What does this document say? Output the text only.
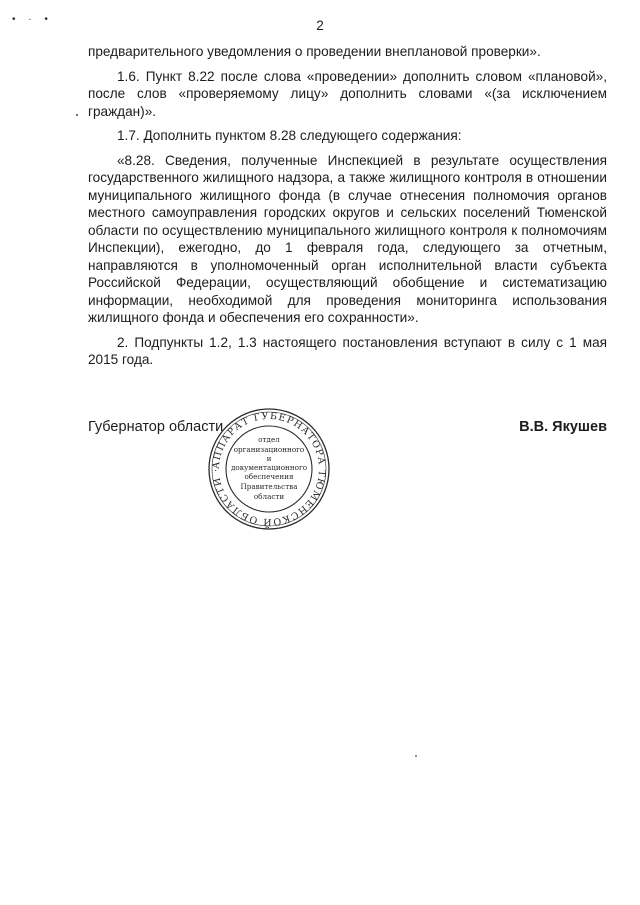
• · •	2

предварительного уведомления о проведении внеплановой проверки».

1.6. Пункт 8.22 после слова «проведении» дополнить словом «плановой», после слов «проверяемому лицу» дополнить словами «(за исключением граждан)».

1.7. Дополнить пунктом 8.28 следующего содержания:

«8.28. Сведения, полученные Инспекцией в результате осуществления государственного жилищного надзора, а также жилищного контроля в отношении муниципального жилищного фонда (в случае отнесения полномочия органов местного самоуправления городских округов и сельских поселений Тюменской области по осуществлению муниципального жилищного контроля к полномочиям Инспекции), ежегодно, до 1 февраля года, следующего за отчетным, направляются в уполномоченный орган исполнительной власти субъекта Российской Федерации, осуществляющий обобщение и систематизацию информации, необходимой для проведения мониторинга использования жилищного фонда и обеспечения его сохранности».

2. Подпункты 1.2, 1.3 настоящего постановления вступают в силу с 1 мая 2015 года.

Губернатор области	В.В. Якушев
АППАРАТ ГУБЕРНАТОРА ТЮМЕНСКОЙ ОБЛАСТИ ·
отдел
организационного
и
документационного
обеспечения
Правительства
области
